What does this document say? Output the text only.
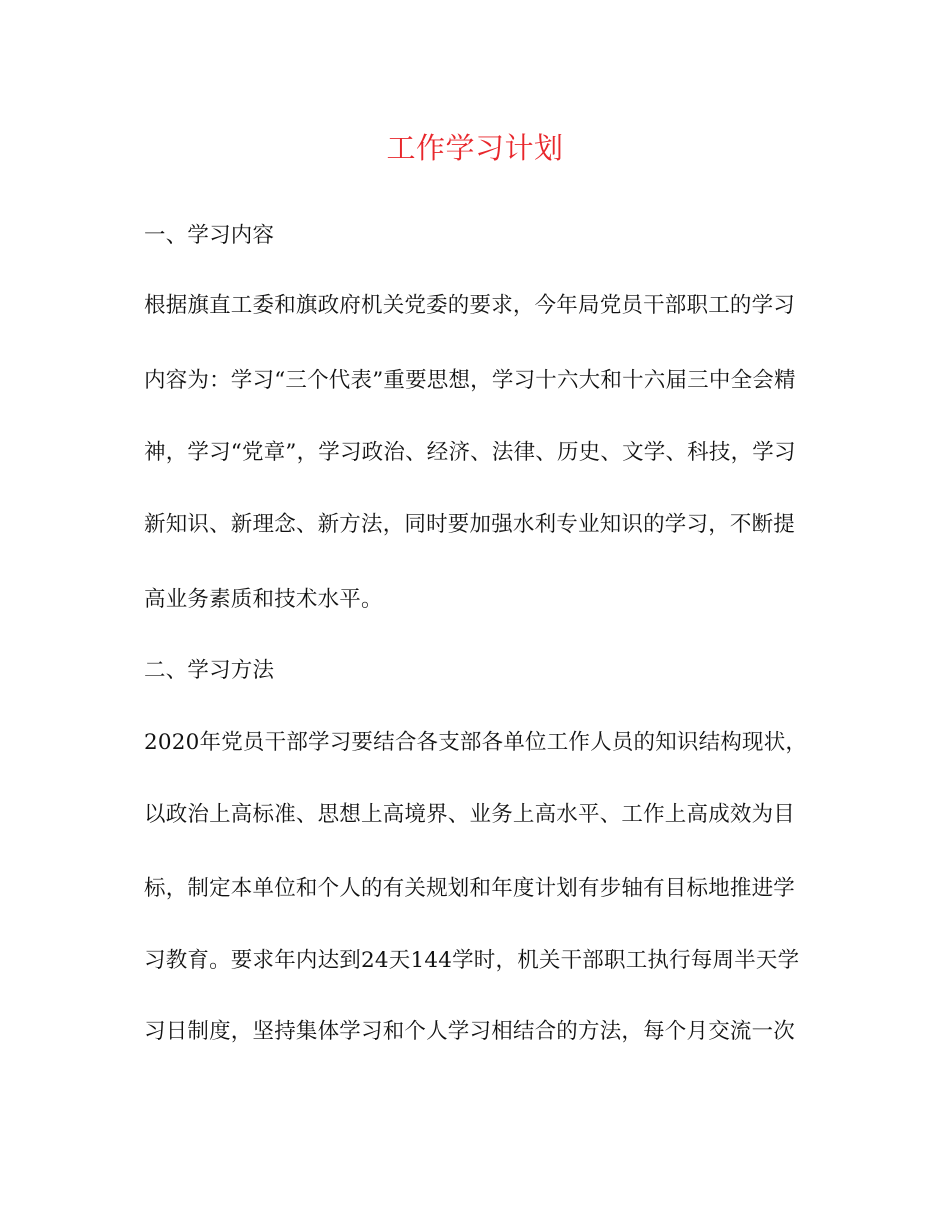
工作学习计划
一、学习内容
根据旗直工委和旗政府机关党委的要求，今年局党员干部职工的学习
内容为：学习“三个代表”重要思想，学习十六大和十六届三中全会精
神，学习“党章”，学习政治、经济、法律、历史、文学、科技，学习
新知识、新理念、新方法，同时要加强水利专业知识的学习，不断提
高业务素质和技术水平。
二、学习方法
2020年党员干部学习要结合各支部各单位工作人员的知识结构现状，
以政治上高标准、思想上高境界、业务上高水平、工作上高成效为目
标，制定本单位和个人的有关规划和年度计划有步轴有目标地推进学
习教育。要求年内达到24天144学时，机关干部职工执行每周半天学
习日制度，坚持集体学习和个人学习相结合的方法，每个月交流一次
